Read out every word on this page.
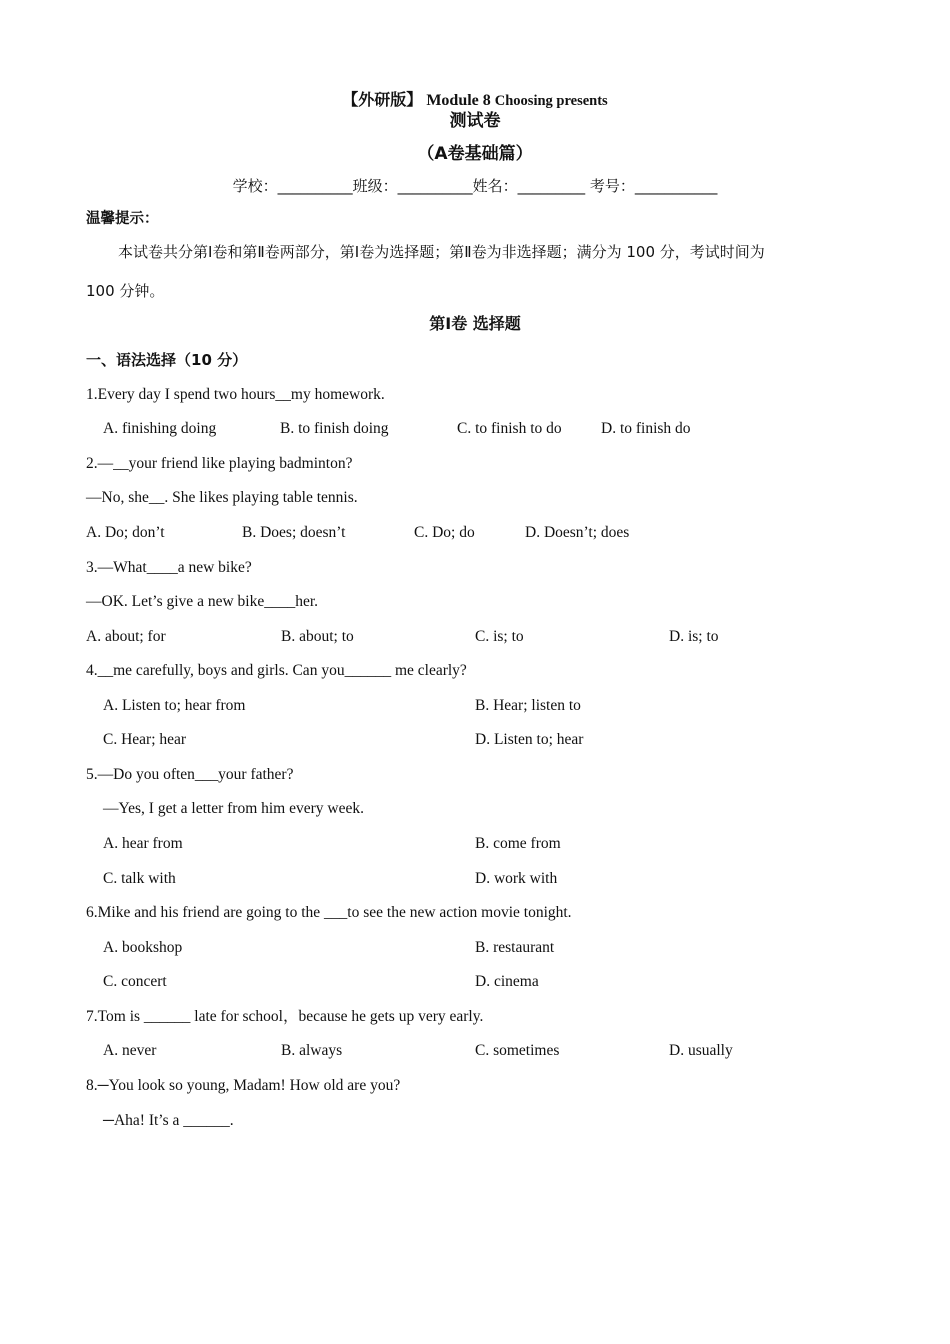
【外研版】 Module 8 Choosing presents
测试卷
（A卷基础篇）
学校：__________班级：__________姓名：_________ 考号：___________
温馨提示：
本试卷共分第Ⅰ卷和第Ⅱ卷两部分，第Ⅰ卷为选择题；第Ⅱ卷为非选择题；满分为 100 分，考试时间为
100 分钟。
第Ⅰ卷 选择题
一、语法选择（10 分）
1.Every day I spend two hours__my homework.
A. finishing doing	B. to finish doing	C. to finish to do	D. to finish do
2.—__your friend like playing badminton?
—No, she__. She likes playing table tennis.
A. Do; don’t	B. Does; doesn’t	C. Do; do	D. Doesn’t; does
3.—What____a new bike?
—OK. Let’s give a new bike____her.
A. about; for	B. about; to	C. is; to	D. is; to
4.__me carefully, boys and girls. Can you______ me clearly?
A. Listen to; hear from	B. Hear; listen to
C. Hear; hear	D. Listen to; hear
5.—Do you often___your father?
—Yes, I get a letter from him every week.
A. hear from	B. come from
C. talk with	D. work with
6.Mike and his friend are going to the ___to see the new action movie tonight.
A. bookshop	B. restaurant
C. concert	D. cinema
7.Tom is ______ late for school，because he gets up very early.
A. never	B. always	C. sometimes	D. usually
8.─You look so young, Madam! How old are you?
─Aha! It’s a ______.
